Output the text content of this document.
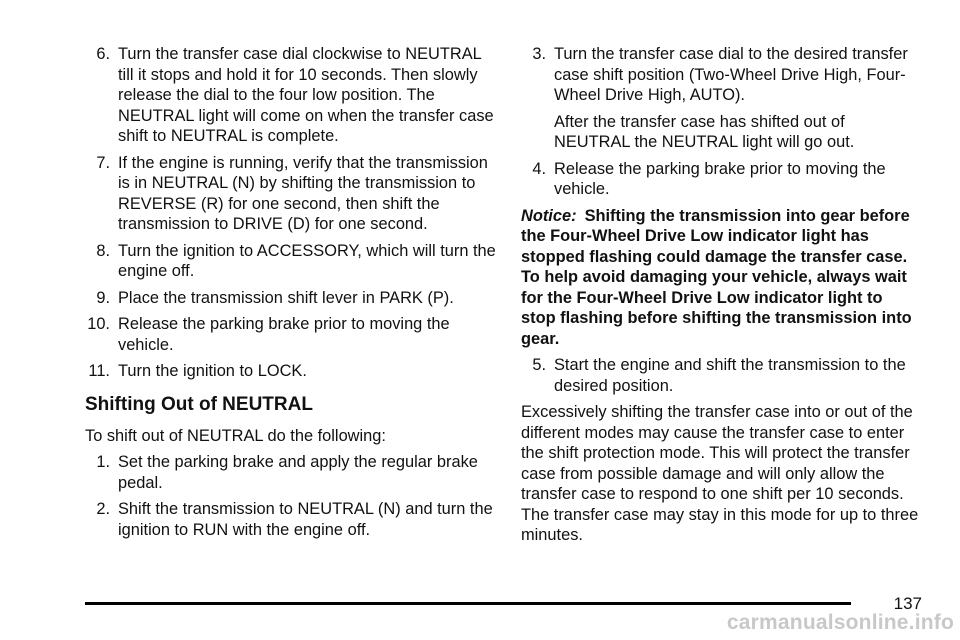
6. Turn the transfer case dial clockwise to NEUTRAL till it stops and hold it for 10 seconds. Then slowly release the dial to the four low position. The NEUTRAL light will come on when the transfer case shift to NEUTRAL is complete.
7. If the engine is running, verify that the transmission is in NEUTRAL (N) by shifting the transmission to REVERSE (R) for one second, then shift the transmission to DRIVE (D) for one second.
8. Turn the ignition to ACCESSORY, which will turn the engine off.
9. Place the transmission shift lever in PARK (P).
10. Release the parking brake prior to moving the vehicle.
11. Turn the ignition to LOCK.
Shifting Out of NEUTRAL
To shift out of NEUTRAL do the following:
1. Set the parking brake and apply the regular brake pedal.
2. Shift the transmission to NEUTRAL (N) and turn the ignition to RUN with the engine off.
3. Turn the transfer case dial to the desired transfer case shift position (Two-Wheel Drive High, Four-Wheel Drive High, AUTO).
After the transfer case has shifted out of NEUTRAL the NEUTRAL light will go out.
4. Release the parking brake prior to moving the vehicle.
Notice: Shifting the transmission into gear before the Four-Wheel Drive Low indicator light has stopped flashing could damage the transfer case. To help avoid damaging your vehicle, always wait for the Four-Wheel Drive Low indicator light to stop flashing before shifting the transmission into gear.
5. Start the engine and shift the transmission to the desired position.
Excessively shifting the transfer case into or out of the different modes may cause the transfer case to enter the shift protection mode. This will protect the transfer case from possible damage and will only allow the transfer case to respond to one shift per 10 seconds. The transfer case may stay in this mode for up to three minutes.
137
carmanualsonline.info
